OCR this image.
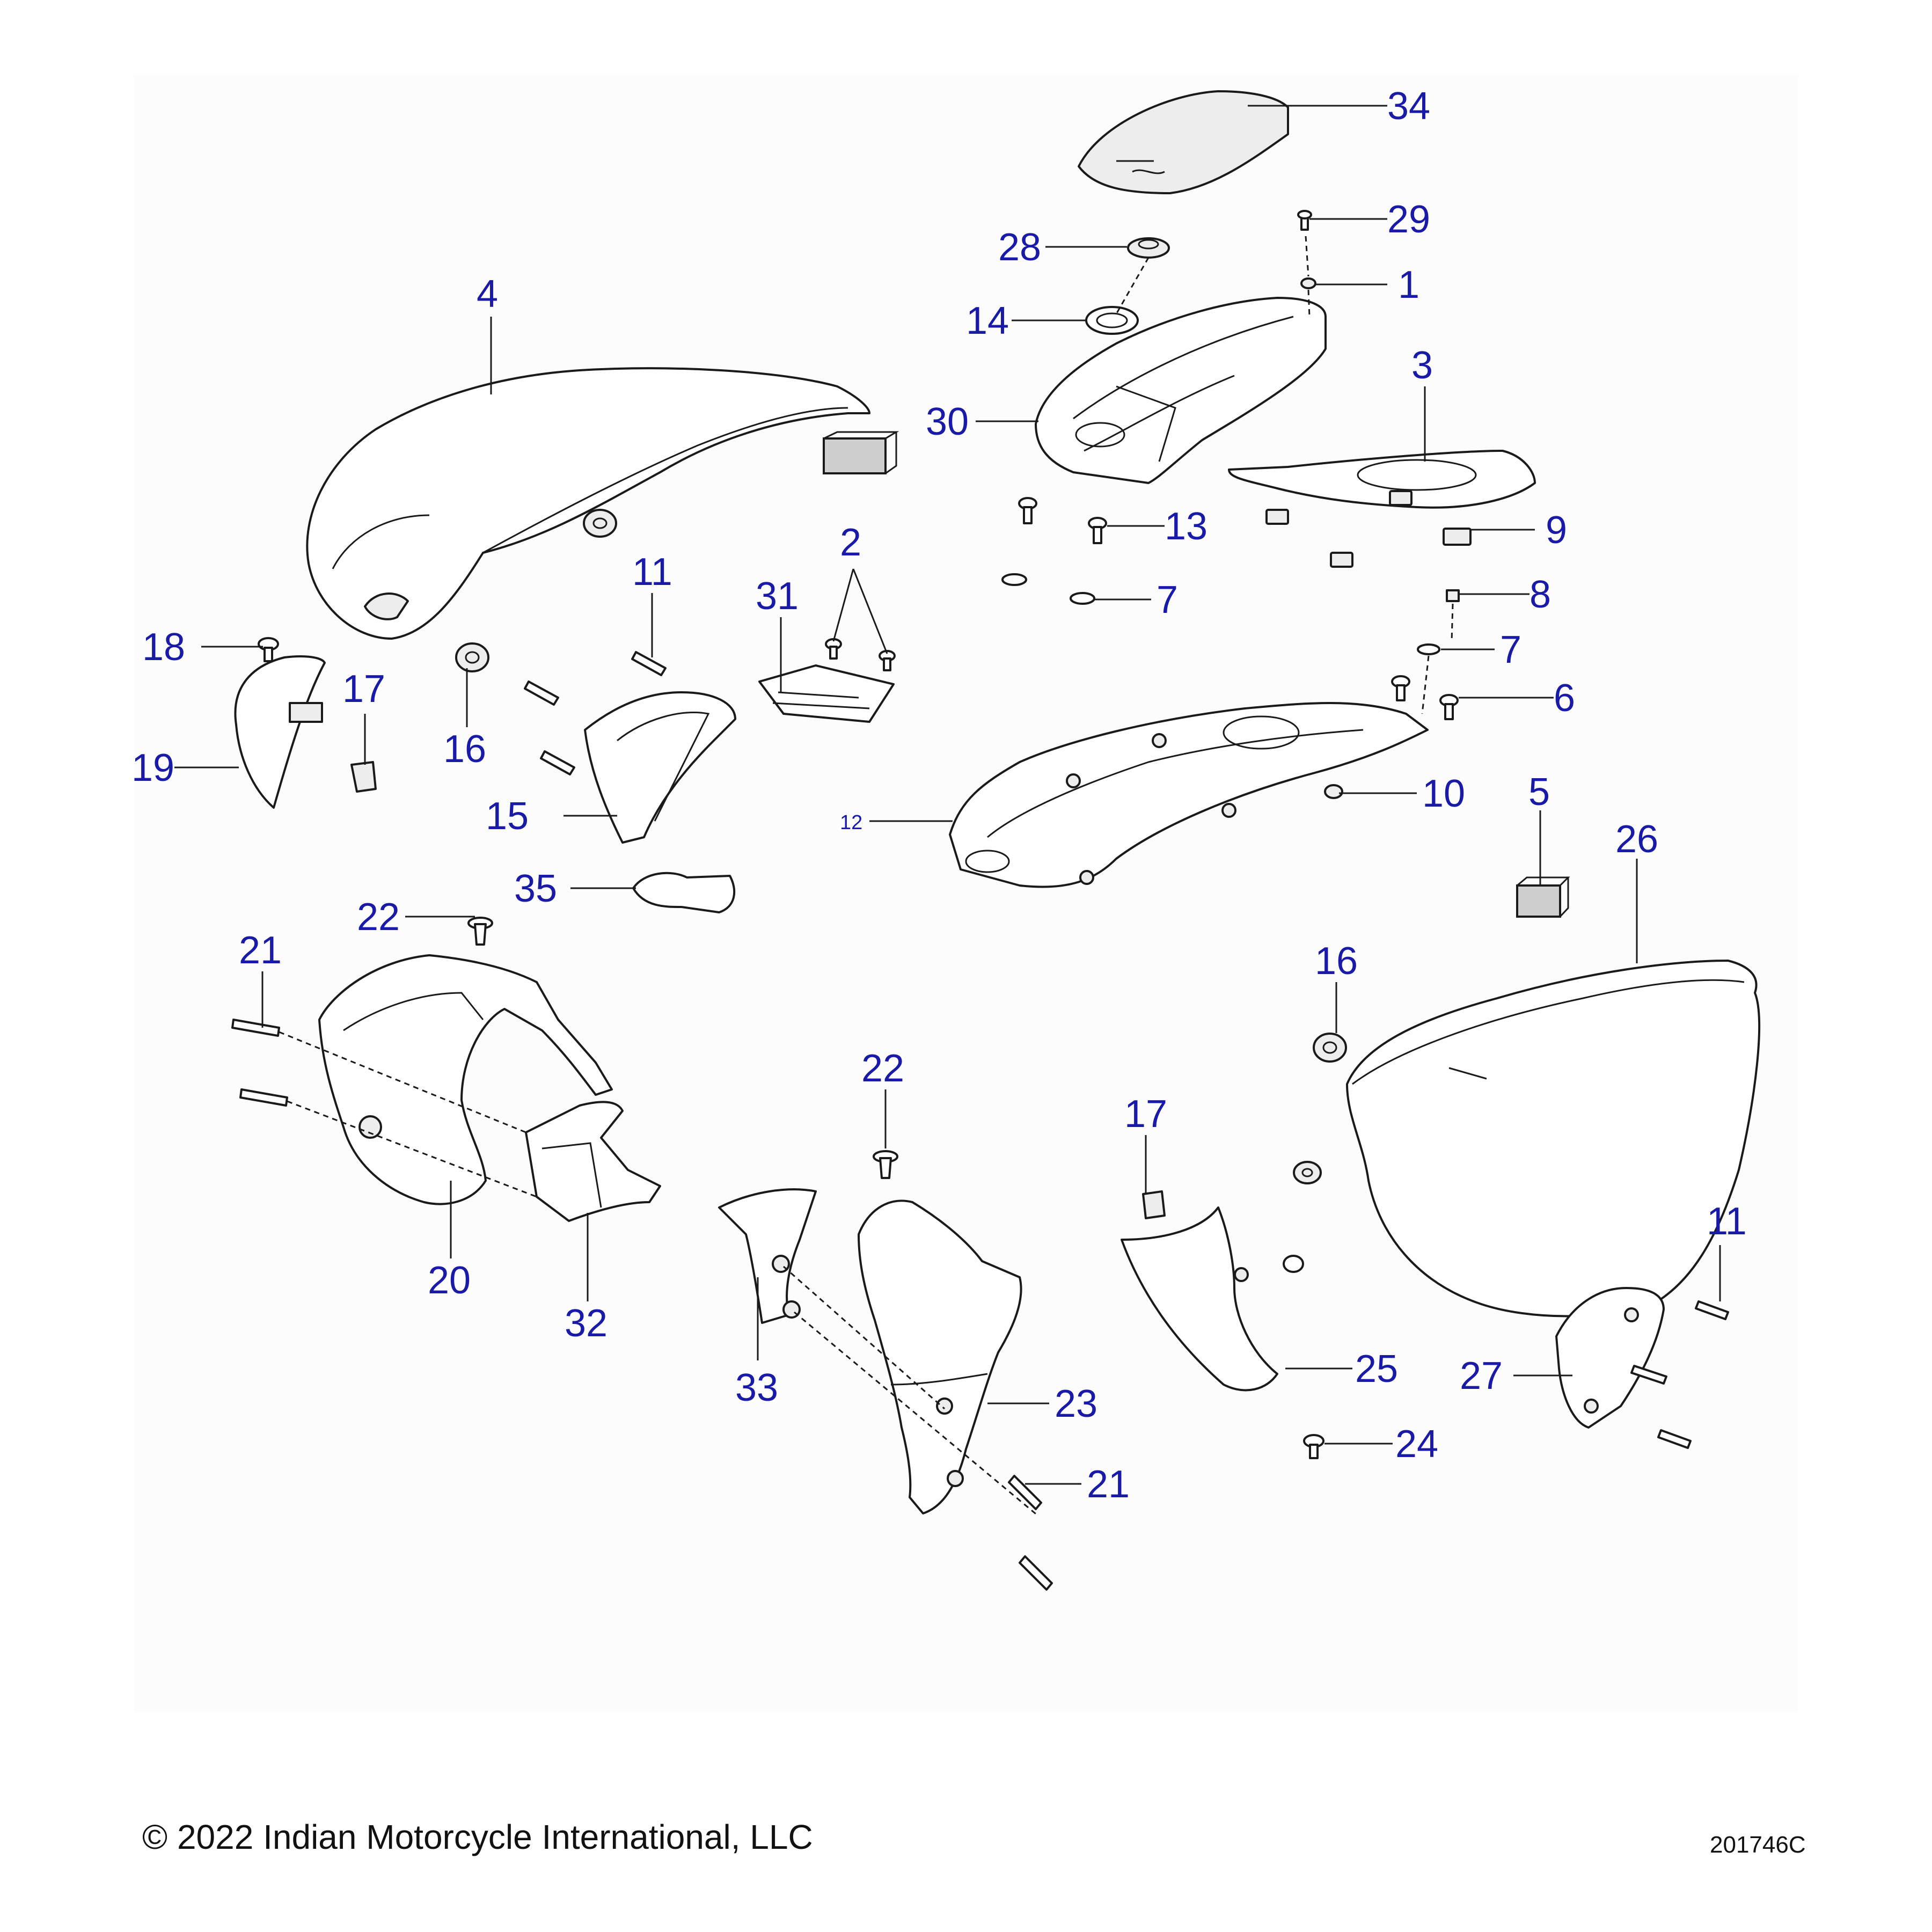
34
29
28
1
14
30
3
13	9
7	8
7
6
2
31
4
11
18
17
19	16
15	12
10 5
26
35
22
21	16
22
17
20
32
33	23
25
11
27
21
24
© 2022 Indian Motorcycle International, LLC	201746C
